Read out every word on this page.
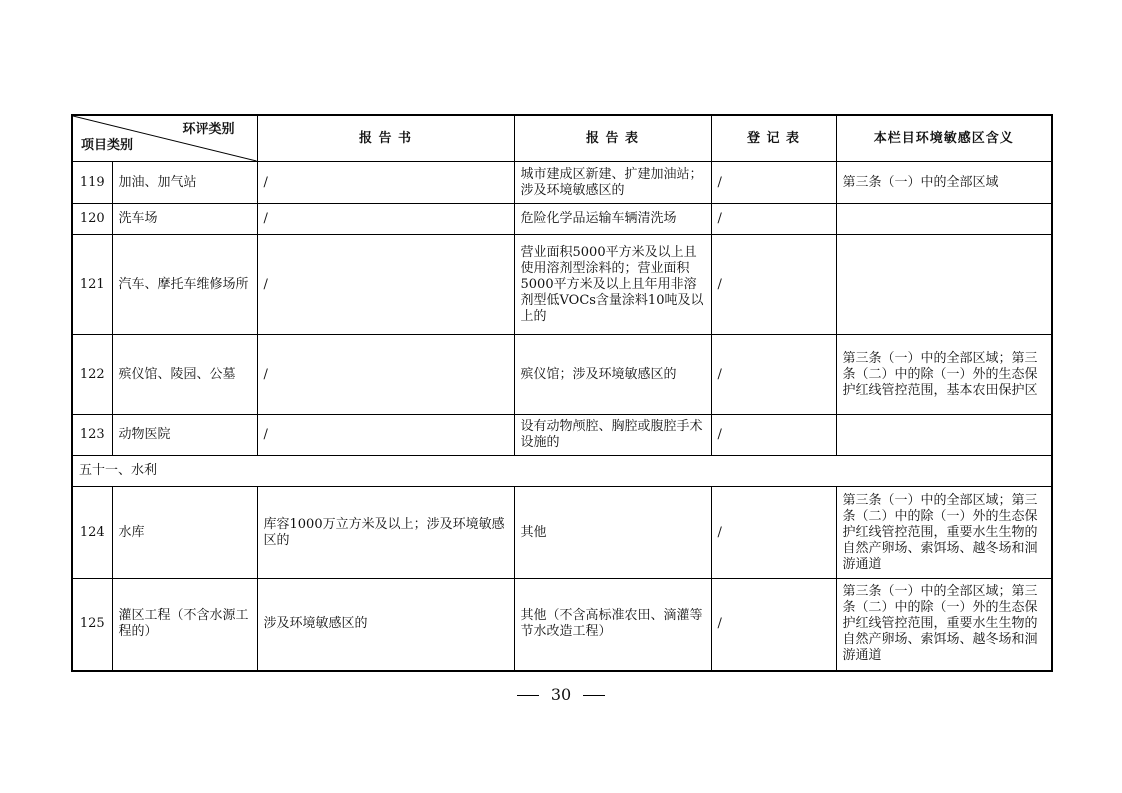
环评类别
项目类别		报 告 书	报 告 表	登 记 表	本栏目环境敏感区含义
119	加油、加气站	/	城市建成区新建、扩建加油站；涉及环境敏感区的	/	第三条（一）中的全部区域
120	洗车场	/	危险化学品运输车辆清洗场	/	
121	汽车、摩托车维修场所	/	营业面积5000平方米及以上且使用溶剂型涂料的；营业面积5000平方米及以上且年用非溶剂型低VOCs含量涂料10吨及以上的	/	
122	殡仪馆、陵园、公墓	/	殡仪馆；涉及环境敏感区的	/	第三条（一）中的全部区域；第三条（二）中的除（一）外的生态保护红线管控范围，基本农田保护区
123	动物医院	/	设有动物颅腔、胸腔或腹腔手术设施的	/	
五十一、水利					
124	水库	库容1000万立方米及以上；涉及环境敏感区的	其他	/	第三条（一）中的全部区域；第三条（二）中的除（一）外的生态保护红线管控范围，重要水生生物的自然产卵场、索饵场、越冬场和洄游通道
125	灌区工程（不含水源工程的）	涉及环境敏感区的	其他（不含高标准农田、滴灌等节水改造工程）	/	第三条（一）中的全部区域；第三条（二）中的除（一）外的生态保护红线管控范围，重要水生生物的自然产卵场、索饵场、越冬场和洄游通道
30
